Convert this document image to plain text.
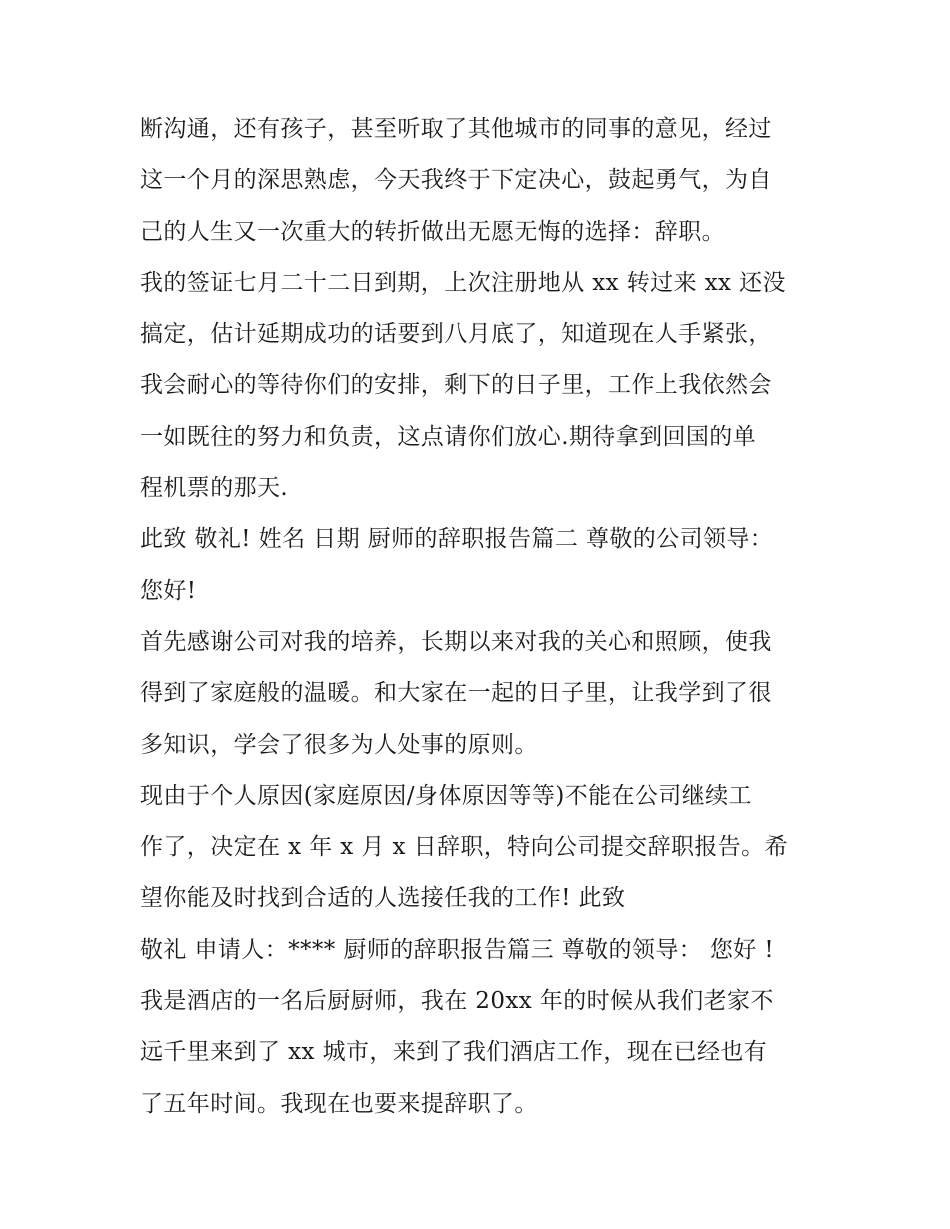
断沟通，还有孩子，甚至听取了其他城市的同事的意见，经过
这一个月的深思熟虑，今天我终于下定决心，鼓起勇气，为自
己的人生又一次重大的转折做出无愿无悔的选择：辞职。
我的签证七月二十二日到期，上次注册地从 xx 转过来 xx 还没
搞定，估计延期成功的话要到八月底了，知道现在人手紧张，
我会耐心的等待你们的安排，剩下的日子里，工作上我依然会
一如既往的努力和负责，这点请你们放心.期待拿到回国的单
程机票的那天.
此致 敬礼! 姓名 日期 厨师的辞职报告篇二 尊敬的公司领导：
您好!
首先感谢公司对我的培养，长期以来对我的关心和照顾，使我
得到了家庭般的温暖。和大家在一起的日子里，让我学到了很
多知识，学会了很多为人处事的原则。
现由于个人原因(家庭原因/身体原因等等)不能在公司继续工
作了，决定在 x 年 x 月 x 日辞职，特向公司提交辞职报告。希
望你能及时找到合适的人选接任我的工作! 此致
敬礼 申请人：**** 厨师的辞职报告篇三 尊敬的领导： 您好 !
我是酒店的一名后厨厨师，我在 20xx 年的时候从我们老家不
远千里来到了 xx 城市，来到了我们酒店工作，现在已经也有
了五年时间。我现在也要来提辞职了。
